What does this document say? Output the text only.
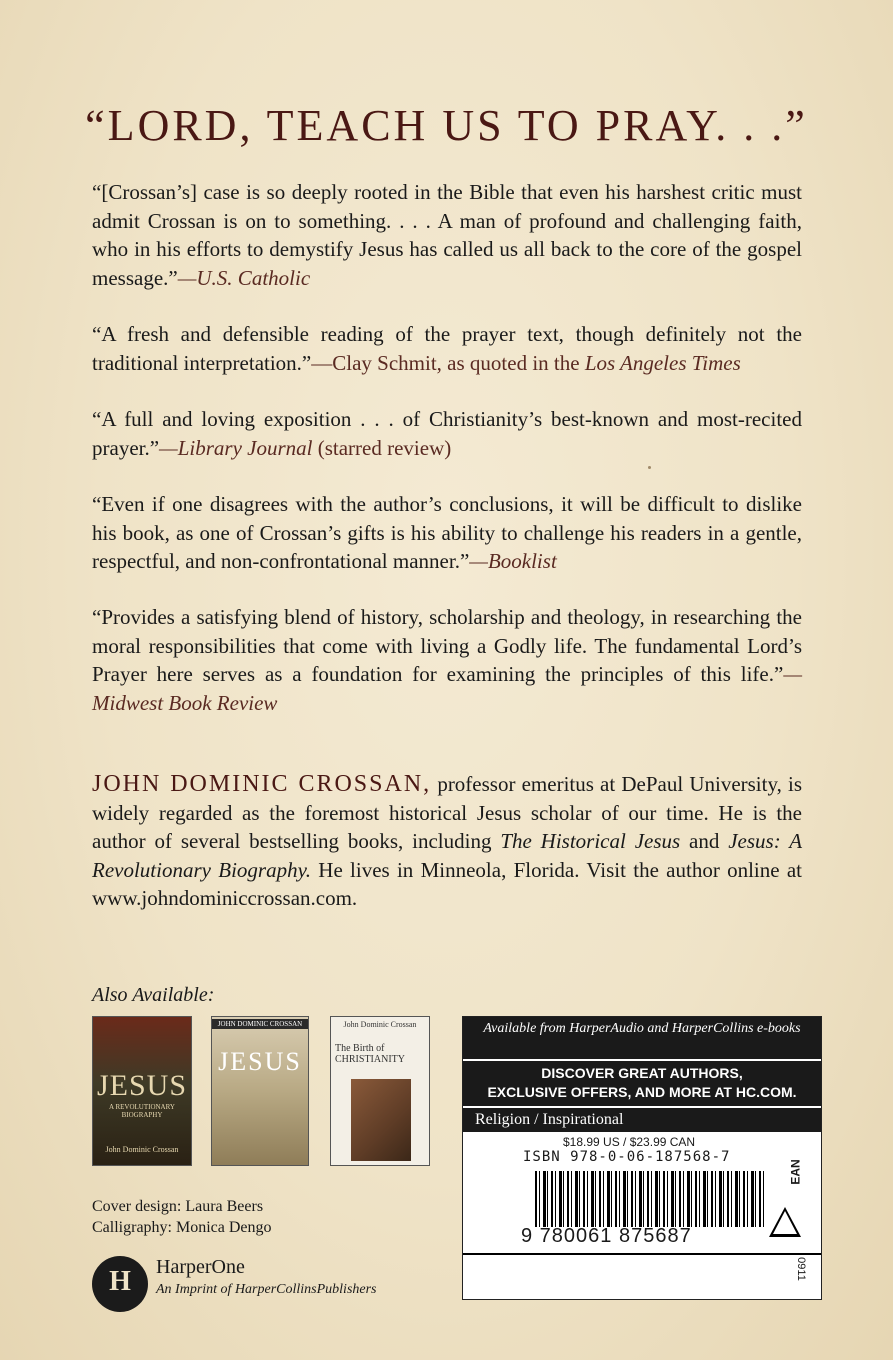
“LORD, TEACH US TO PRAY. . .”
“[Crossan’s] case is so deeply rooted in the Bible that even his harshest critic must admit Crossan is on to something. . . . A man of profound and challenging faith, who in his efforts to demystify Jesus has called us all back to the core of the gospel message.”—U.S. Catholic
“A fresh and defensible reading of the prayer text, though definitely not the traditional interpretation.”—Clay Schmit, as quoted in the Los Angeles Times
“A full and loving exposition . . . of Christianity’s best-known and most-recited prayer.”—Library Journal (starred review)
“Even if one disagrees with the author’s conclusions, it will be difficult to dislike his book, as one of Crossan’s gifts is his ability to challenge his readers in a gentle, respectful, and non-confrontational manner.”—Booklist
“Provides a satisfying blend of history, scholarship and theology, in researching the moral responsibilities that come with living a Godly life. The fundamental Lord’s Prayer here serves as a foundation for examining the principles of this life.”—Midwest Book Review
JOHN DOMINIC CROSSAN, professor emeritus at DePaul University, is widely regarded as the foremost historical Jesus scholar of our time. He is the author of several bestselling books, including The Historical Jesus and Jesus: A Revolutionary Biography. He lives in Minneola, Florida. Visit the author online at www.johndominiccrossan.com.
Also Available:
JESUS
A REVOLUTIONARY BIOGRAPHY
John Dominic Crossan
JOHN DOMINIC CROSSAN
JESUS
John Dominic Crossan
The Birth of CHRISTIANITY
Cover design: Laura Beers
Calligraphy: Monica Dengo
H	HarperOne
An Imprint of HarperCollinsPublishers
Available from HarperAudio and HarperCollins e-books
DISCOVER GREAT AUTHORS,
EXCLUSIVE OFFERS, AND MORE AT HC.COM.
Religion / Inspirational
$18.99 US / $23.99 CAN
ISBN 978-0-06-187568-7
9 780061 875687
EAN
0911
